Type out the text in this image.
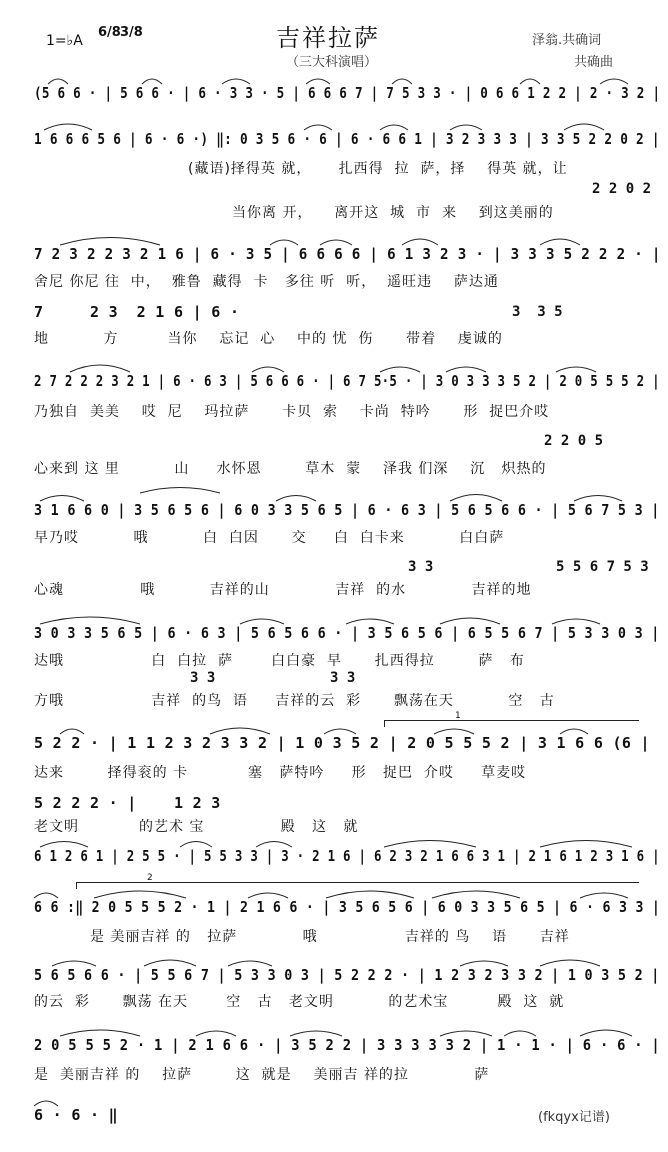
1=♭A
6/8 3/8	吉祥拉萨
（三大科演唱）
泽翁.共确词
共确曲
(5 6 6 · | 5 6 6 · | 6 · 3 3 · 5 | 6 6 6 7 | 7 5 3 3 · | 0 6 6 1 2 2 | 2 · 3 2 |
1 6 6 6 5 6 | 6 · 6 ·) ‖: 0 3 5 6 · 6 | 6 · 6 6 1 | 3 2 3 3 3 | 3 3 5 2 2 0 2 |
(藏语)择得英 就，     扎西得  拉  萨，择    得英 就，让
2 2 0 2
当你离 开，    离开这  城  市  来    到这美丽的
7 2 3 2 2 3 2 1 6 | 6 · 3 5 | 6 6 6 6 | 6 1 3 2 3 · | 3 3 3 5 2 2 2 · |
舍尼 你尼 往  中，  雅鲁  藏得  卡   多往 听  听，  遥旺违    萨达通
7     2 3  2 1 6 | 6 ·	3  3 5
地          方         当你    忘记  心    中的 忧  伤      带着    虔诚的
2 7 2 2 2 3 2 1 | 6 · 6 3 | 5 6 6 6 · | 6 7 5·5 · | 3 0 3 3 3 5 2 | 2 0 5 5 5 2 |
乃独自  美美    哎  尼    玛拉萨      卡贝  索    卡尚  特吟      形  捉巴介哎
2 2 0 5
心来到 这 里          山     水怀恩        草木  蒙    泽我 们深    沉   炽热的
3 1 6 6 0 | 3 5 6 5 6 | 6 0 3 3 5 6 5 | 6 · 6 3 | 5 6 5 6 6 · | 5 6 7 5 3 |
早乃哎          哦          白  白因      交     白  白卡来          白白萨
3 3	5 5 6 7 5 3
心魂              哦          吉祥的山            吉祥  的水            吉祥的地
3 0 3 3 5 6 5 | 6 · 6 3 | 5 6 5 6 6 · | 3 5 6 5 6 | 6 5 5 6 7 | 5 3 3 0 3 |
达哦                白  白拉  萨       白白豪  早      扎西得拉        萨   布
3 3	3 3
方哦                吉祥  的鸟  语     吉祥的云  彩      飘荡在天          空   古
1
5 2 2 · | 1 1 2 3 2 3 3 2 | 1 0 3 5 2 | 2 0 5 5 5 2 | 3 1 6 6 (6 |
达来        择得衮的 卡           塞   萨特吟     形   捉巴  介哎     草麦哎
5 2 2 2 · |    1 2 3
老文明           的艺术 宝              殿   这   就
6 1 2 6 1 | 2 5 5 · | 5 5 3 3 | 3 · 2 1 6 | 6 2 3 2 1 6 6 3 1 | 2 1 6 1 2 3 1 6 |
2
6 6 :‖ 2 0 5 5 5 2 · 1 | 2 1 6 6 · | 3 5 6 5 6 | 6 0 3 3 5 6 5 | 6 · 6 3 3 |
是 美丽吉祥 的   拉萨            哦                吉祥的 鸟    语      吉祥
5 6 5 6 6 · | 5 5 6 7 | 5 3 3 0 3 | 5 2 2 2 · | 1 2 3 2 3 3 2 | 1 0 3 5 2 |
的云  彩      飘荡 在天       空   古   老文明          的艺术宝         殿  这  就
2 0 5 5 5 2 · 1 | 2 1 6 6 · | 3 5 2 2 | 3 3 3 3 3 2 | 1 · 1 · | 6 · 6 · |
是  美丽吉祥 的    拉萨        这  就是    美丽吉 祥的拉            萨
6 · 6 · ‖	(fkqyx记谱)
